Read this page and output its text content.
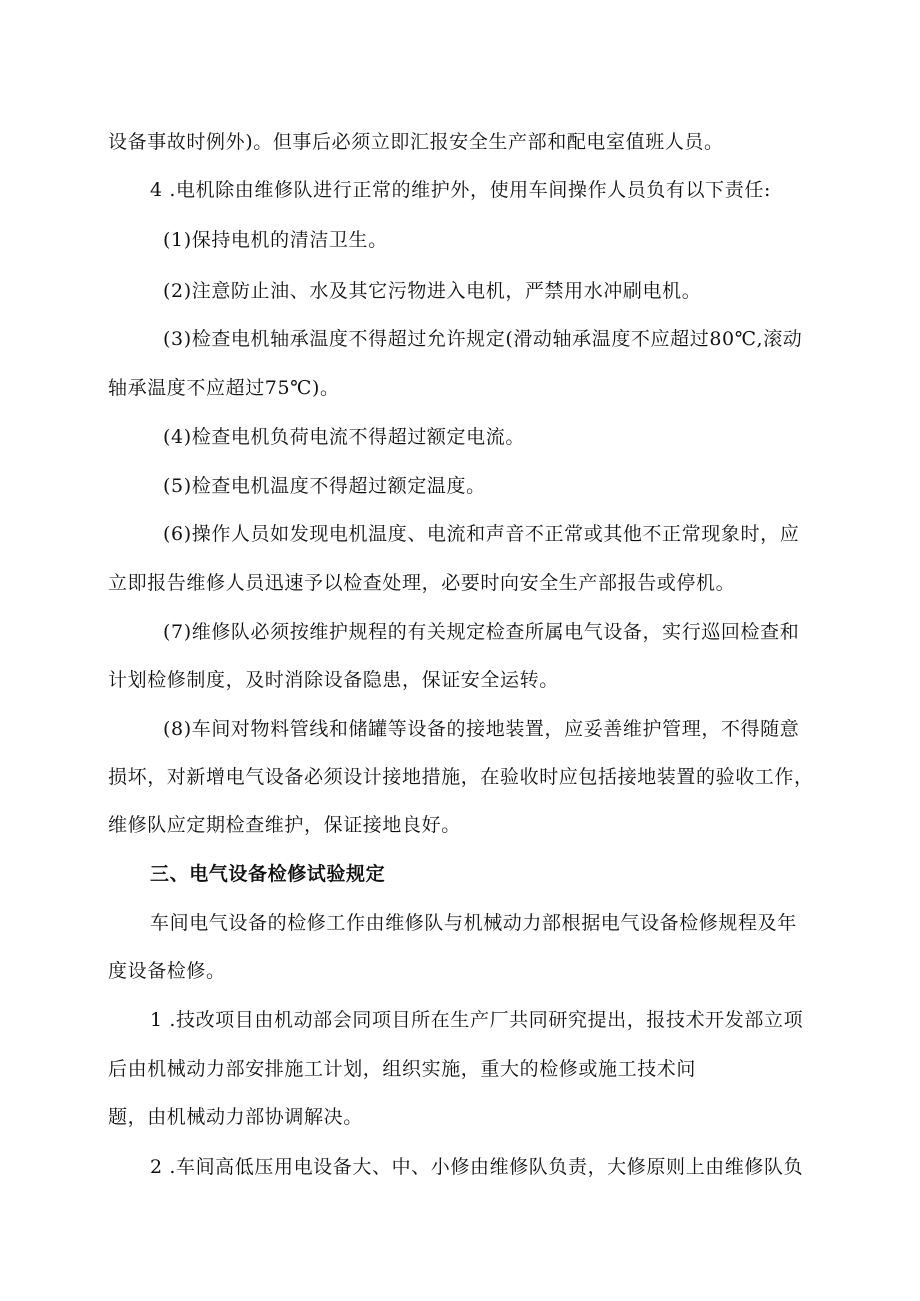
设备事故时例外)。但事后必须立即汇报安全生产部和配电室值班人员。
4 .电机除由维修队进行正常的维护外，使用车间操作人员负有以下责任:
(1)保持电机的清洁卫生。
(2)注意防止油、水及其它污物进入电机，严禁用水冲刷电机。
(3)检查电机轴承温度不得超过允许规定(滑动轴承温度不应超过80℃,滚动
轴承温度不应超过75℃)。
(4)检查电机负荷电流不得超过额定电流。
(5)检查电机温度不得超过额定温度。
(6)操作人员如发现电机温度、电流和声音不正常或其他不正常现象时，应
立即报告维修人员迅速予以检查处理，必要时向安全生产部报告或停机。
(7)维修队必须按维护规程的有关规定检查所属电气设备，实行巡回检查和
计划检修制度，及时消除设备隐患，保证安全运转。
(8)车间对物料管线和储罐等设备的接地装置，应妥善维护管理，不得随意
损坏，对新增电气设备必须设计接地措施，在验收时应包括接地装置的验收工作，
维修队应定期检查维护，保证接地良好。
三、电气设备检修试验规定
车间电气设备的检修工作由维修队与机械动力部根据电气设备检修规程及年
度设备检修。
1 .技改项目由机动部会同项目所在生产厂共同研究提出，报技术开发部立项
后由机械动力部安排施工计划，组织实施，重大的检修或施工技术问
题，由机械动力部协调解决。
2 .车间高低压用电设备大、中、小修由维修队负责，大修原则上由维修队负
